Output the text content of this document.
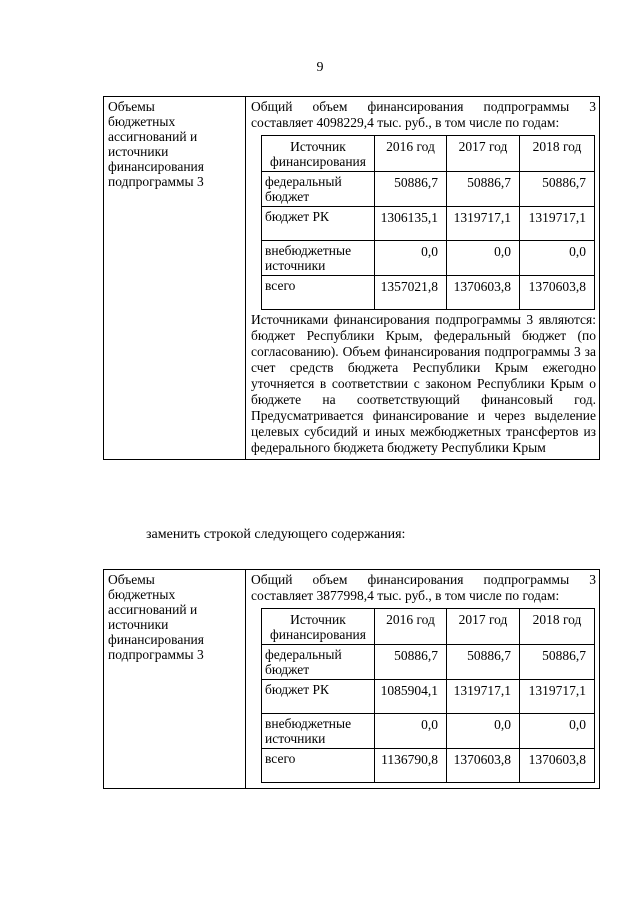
9
Объемы
бюджетных
ассигнований и
источники
финансирования
подпрограммы 3

Общий объем финансирования подпрограммы 3
составляет 4098229,4 тыс. руб., в том числе по годам:
Источник финансирования	2016 год	2017 год	2018 год
федеральный бюджет	50886,7	50886,7	50886,7
бюджет РК	1306135,1	1319717,1	1319717,1
внебюджетные источники	0,0	0,0	0,0
всего	1357021,8	1370603,8	1370603,8
Источниками финансирования подпрограммы 3 являются: бюджет Республики Крым, федеральный бюджет (по согласованию). Объем финансирования подпрограммы 3 за счет средств бюджета Республики Крым ежегодно уточняется в соответствии с законом Республики Крым о бюджете на соответствующий финансовый год. Предусматривается финансирование и через выделение целевых субсидий и иных межбюджетных трансфертов из федерального бюджета бюджету Республики Крым
заменить строкой следующего содержания:
Объемы
бюджетных
ассигнований и
источники
финансирования
подпрограммы 3

Общий объем финансирования подпрограммы 3
составляет 3877998,4 тыс. руб., в том числе по годам:
Источник финансирования	2016 год	2017 год	2018 год
федеральный бюджет	50886,7	50886,7	50886,7
бюджет РК	1085904,1	1319717,1	1319717,1
внебюджетные источники	0,0	0,0	0,0
всего	1136790,8	1370603,8	1370603,8
